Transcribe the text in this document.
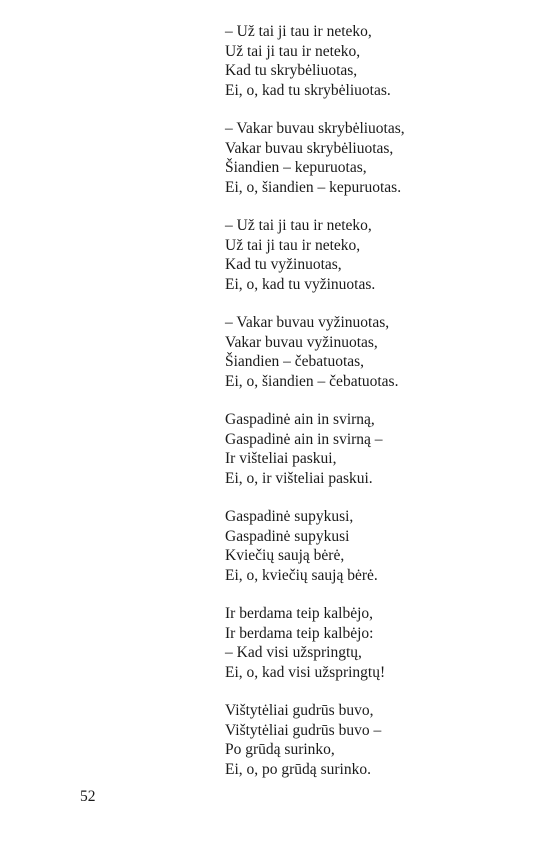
– Už tai ji tau ir neteko,
Už tai ji tau ir neteko,
Kad tu skrybėliuotas,
Ei, o, kad tu skrybėliuotas.
– Vakar buvau skrybėliuotas,
Vakar buvau skrybėliuotas,
Šiandien – kepuruotas,
Ei, o, šiandien – kepuruotas.
– Už tai ji tau ir neteko,
Už tai ji tau ir neteko,
Kad tu vyžinuotas,
Ei, o, kad tu vyžinuotas.
– Vakar buvau vyžinuotas,
Vakar buvau vyžinuotas,
Šiandien – čebatuotas,
Ei, o, šiandien – čebatuotas.
Gaspadinė ain in svirną,
Gaspadinė ain in svirną –
Ir vištelіai paskui,
Ei, o, ir vištelіai paskui.
Gaspadinė supykusi,
Gaspadinė supykusi
Kviečių saują bėrė,
Ei, o, kviečių saują bėrė.
Ir berdama teip kalbėjo,
Ir berdama teip kalbėjo:
– Kad visi užspringtų,
Ei, o, kad visi užspringtų!
Vištytėliai gudrūs buvo,
Vištytėliai gudrūs buvo –
Po grūdą surinko,
Ei, o, po grūdą surinko.
52
